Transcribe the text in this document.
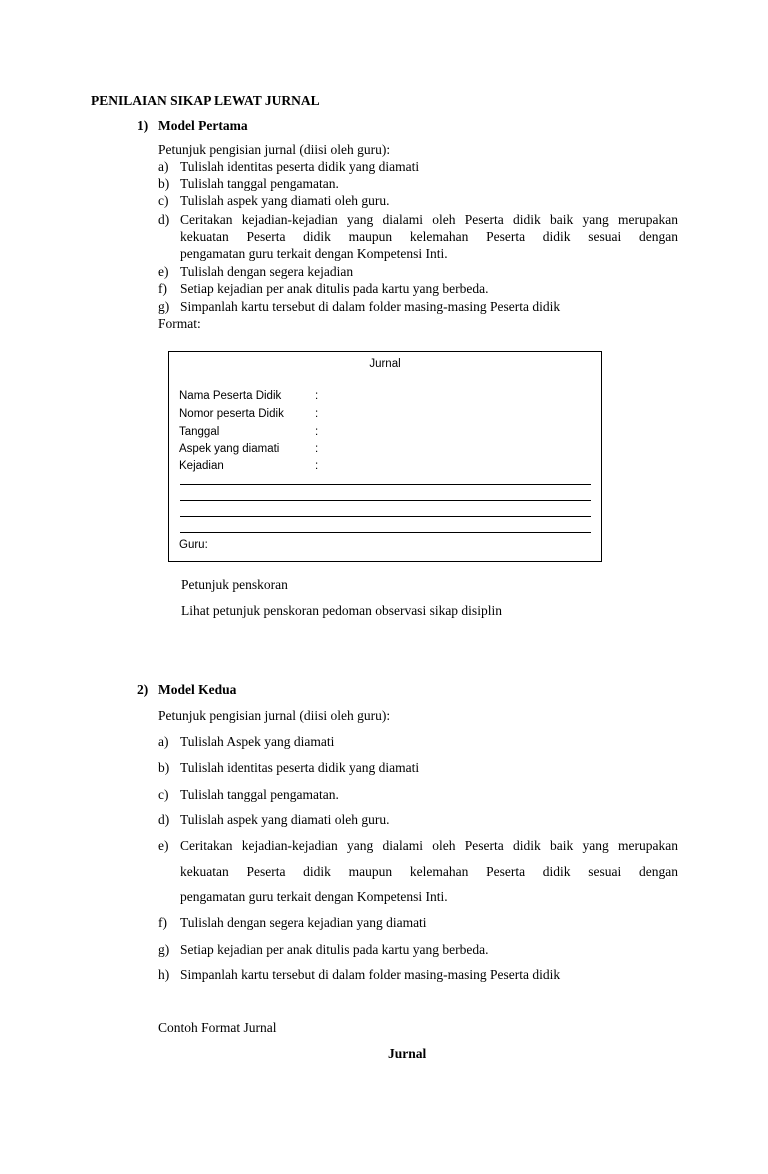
PENILAIAN SIKAP LEWAT JURNAL
1) Model Pertama
Petunjuk pengisian jurnal (diisi oleh guru):
a) Tulislah identitas peserta didik yang diamati
b) Tulislah tanggal pengamatan.
c) Tulislah aspek yang diamati oleh guru.
d) Ceritakan kejadian-kejadian yang dialami oleh Peserta didik baik yang merupakan
kekuatan Peserta didik maupun kelemahan Peserta didik sesuai dengan
pengamatan guru terkait dengan Kompetensi Inti.
e) Tulislah dengan segera kejadian
f) Setiap kejadian per anak ditulis pada kartu yang berbeda.
g) Simpanlah kartu tersebut di dalam folder masing-masing Peserta didik
Format:
Jurnal
Nama Peserta Didik	:
Nomor peserta Didik	:
Tanggal	:
Aspek yang diamati	:
Kejadian	:
Guru:
Petunjuk penskoran
Lihat petunjuk penskoran pedoman observasi sikap disiplin
2) Model Kedua
Petunjuk pengisian jurnal (diisi oleh guru):
a) Tulislah Aspek yang diamati
b) Tulislah identitas peserta didik yang diamati
c) Tulislah tanggal pengamatan.
d) Tulislah aspek yang diamati oleh guru.
e) Ceritakan kejadian-kejadian yang dialami oleh Peserta didik baik yang merupakan
kekuatan Peserta didik maupun kelemahan Peserta didik sesuai dengan
pengamatan guru terkait dengan Kompetensi Inti.
f) Tulislah dengan segera kejadian yang diamati
g) Setiap kejadian per anak ditulis pada kartu yang berbeda.
h) Simpanlah kartu tersebut di dalam folder masing-masing Peserta didik
Contoh Format Jurnal
Jurnal
